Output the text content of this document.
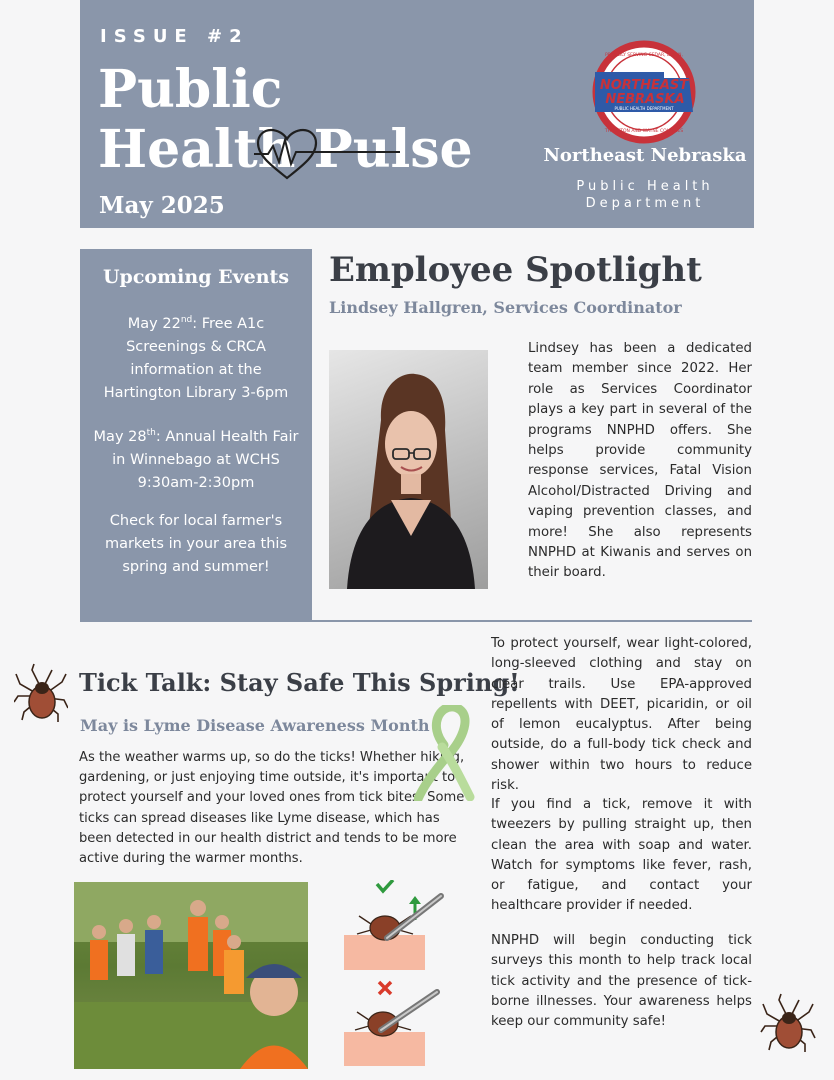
ISSUE #2
Public Health Pulse
May 2025
NORTHEAST
NEBRASKA
PUBLIC HEALTH DEPARTMENT
PROUDLY SERVING CEDAR, DIXON,
THURSTON AND WAYNE COUNTIES
Northeast Nebraska
Public Health Department
Upcoming Events
May 22nd: Free A1c Screenings & CRCA information at the Hartington Library 3-6pm
May 28th: Annual Health Fair in Winnebago at WCHS 9:30am-2:30pm
Check for local farmer's markets in your area this spring and summer!
Employee Spotlight
Lindsey Hallgren, Services Coordinator
Lindsey has been a dedicated team member since 2022. Her role as Services Coordinator plays a key part in several of the programs NNPHD offers. She helps provide community response services, Fatal Vision Alcohol/Distracted Driving and vaping prevention classes, and more! She also represents NNPHD at Kiwanis and serves on their board.
Tick Talk: Stay Safe This Spring!
May is Lyme Disease Awareness Month
As the weather warms up, so do the ticks! Whether hiking, gardening, or just enjoying time outside, it's important to protect yourself and your loved ones from tick bites. Some ticks can spread diseases like Lyme disease, which has been detected in our health district and tends to be more active during the warmer months.

To protect yourself, wear light-colored, long-sleeved clothing and stay on clear trails. Use EPA-approved repellents with DEET, picaridin, or oil of lemon eucalyptus. After being outside, do a full-body tick check and shower within two hours to reduce risk.

If you find a tick, remove it with tweezers by pulling straight up, then clean the area with soap and water. Watch for symptoms like fever, rash, or fatigue, and contact your healthcare provider if needed.

NNPHD will begin conducting tick surveys this month to help track local tick activity and the presence of tick-borne illnesses. Your awareness helps keep our community safe!
